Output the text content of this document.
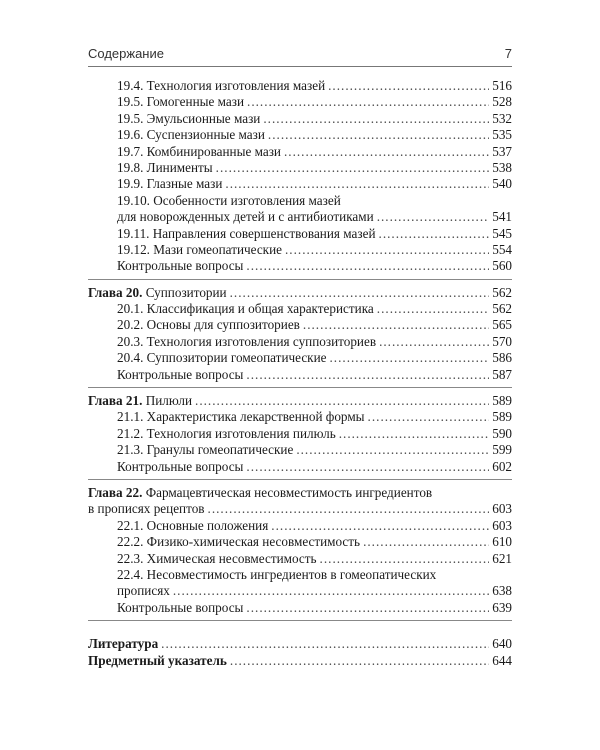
Содержание	7
19.4. Технология изготовления мазей .....	516
19.5. Гомогенные мази .....	528
19.5. Эмульсионные мази .....	532
19.6. Суспензионные мази .....	535
19.7. Комбинированные мази .....	537
19.8. Линименты .....	538
19.9. Глазные мази .....	540
19.10. Особенности изготовления мазей
для новорожденных детей и с антибиотиками .....	541
19.11. Направления совершенствования мазей .....	545
19.12. Мази гомеопатические .....	554
Контрольные вопросы .....	560
Глава 20. Суппозитории .....	562
20.1. Классификация и общая характеристика .....	562
20.2. Основы для суппозиториев .....	565
20.3. Технология изготовления суппозиториев .....	570
20.4. Суппозитории гомеопатические .....	586
Контрольные вопросы .....	587
Глава 21. Пилюли .....	589
21.1. Характеристика лекарственной формы .....	589
21.2. Технология изготовления пилюль .....	590
21.3. Гранулы гомеопатические .....	599
Контрольные вопросы .....	602
Глава 22. Фармацевтическая несовместимость ингредиентов
в прописях рецептов .....	603
22.1. Основные положения .....	603
22.2. Физико-химическая несовместимость .....	610
22.3. Химическая несовместимость .....	621
22.4. Несовместимость ингредиентов в гомеопатических
прописях .....	638
Контрольные вопросы .....	639
Литература .....	640
Предметный указатель .....	644
